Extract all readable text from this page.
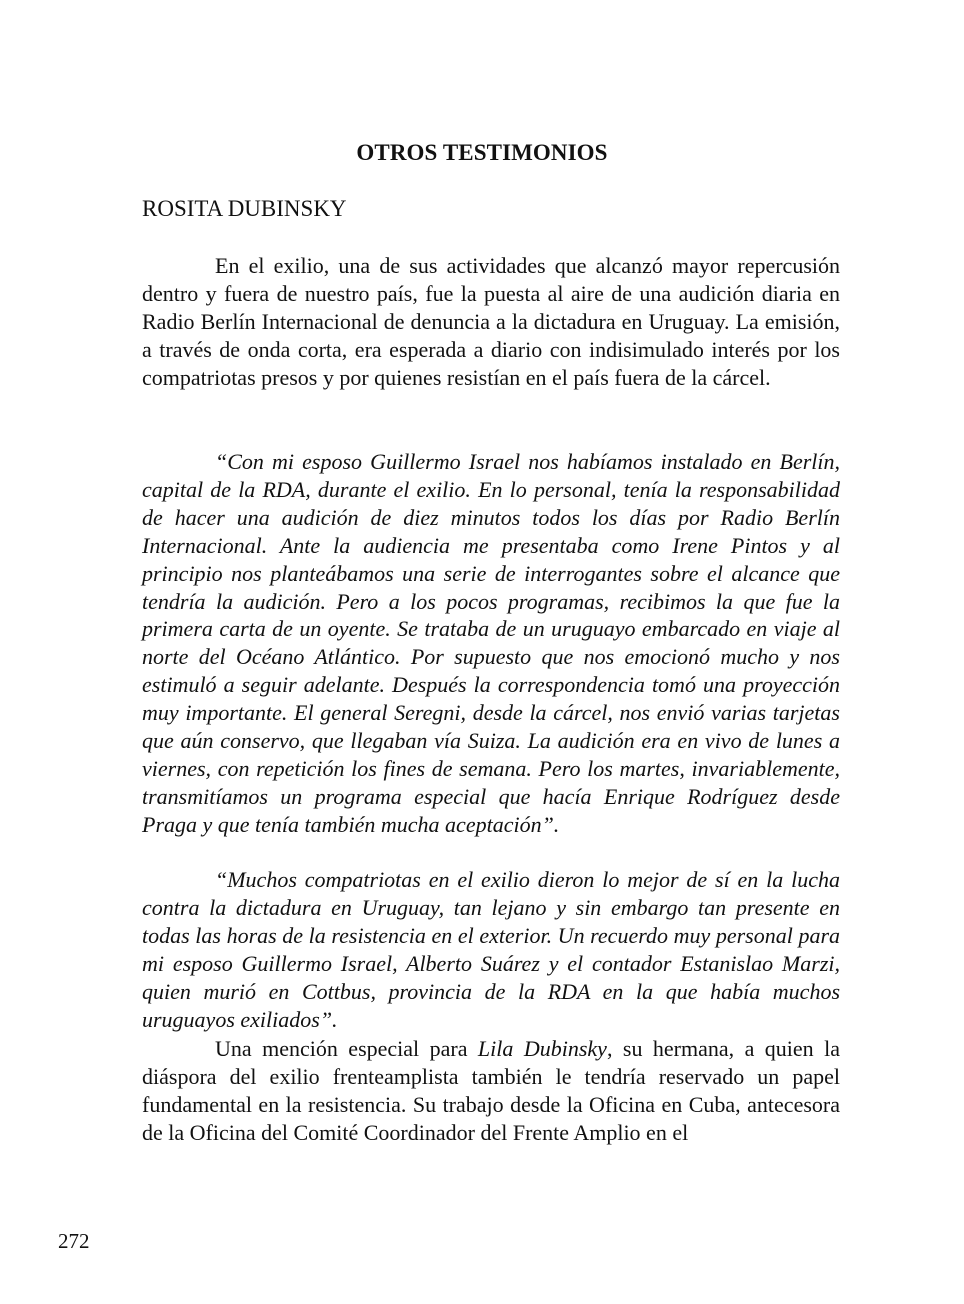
OTROS TESTIMONIOS
ROSITA DUBINSKY

En el exilio, una de sus actividades que alcanzó mayor repercusión dentro y fuera de nuestro país, fue la puesta al aire de una audición diaria en Radio Berlín Internacional de denuncia a la dictadura en Uruguay. La emisión, a través de onda corta, era esperada a diario con indisimulado interés por los compatriotas presos y por quienes resistían en el país fuera de la cárcel.

“Con mi esposo Guillermo Israel nos habíamos instalado en Berlín, capital de la RDA, durante el exilio. En lo personal, tenía la responsabilidad de hacer una audición de diez minutos todos los días por Radio Berlín Internacional. Ante la audiencia me presentaba como Irene Pintos y al principio nos planteábamos una serie de interrogantes sobre el alcance que tendría la audición. Pero a los pocos programas, recibimos la que fue la primera carta de un oyente. Se trataba de un uruguayo embarcado en viaje al norte del Océano Atlántico. Por supuesto que nos emocionó mucho y nos estimuló a seguir adelante. Después la correspondencia tomó una proyección muy importante. El general Seregni, desde la cárcel, nos envió varias tarjetas que aún conservo, que llegaban vía Suiza. La audición era en vivo de lunes a viernes, con repetición los fines de semana. Pero los martes, invariablemente, transmitíamos un programa especial que hacía Enrique Rodríguez desde Praga y que tenía también mucha aceptación”.

“Muchos compatriotas en el exilio dieron lo mejor de sí en la lucha contra la dictadura en Uruguay, tan lejano y sin embargo tan presente en todas las horas de la resistencia en el exterior. Un recuerdo muy personal para mi esposo Guillermo Israel, Alberto Suárez y el contador Estanislao Marzi, quien murió en Cottbus, provincia de la RDA en la que había muchos uruguayos exiliados”.

Una mención especial para Lila Dubinsky, su hermana, a quien la diáspora del exilio frenteamplista también le tendría reservado un papel fundamental en la resistencia. Su trabajo desde la Oficina en Cuba, antecesora de la Oficina del Comité Coordinador del Frente Amplio en el

272
